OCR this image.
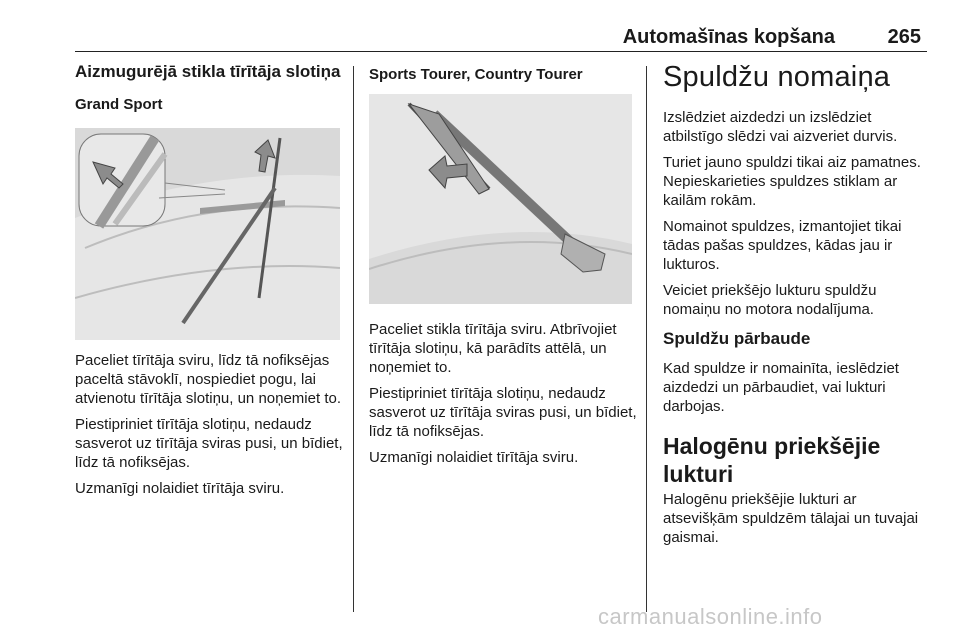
Automašīnas kopšana	265
Aizmugurējā stikla tīrītāja slotiņa
Grand Sport

Paceliet tīrītāja sviru, līdz tā nofiksējas paceltā stāvoklī, nospiediet pogu, lai atvienotu tīrītāja slotiņu, un noņemiet to.

Piestipriniet tīrītāja slotiņu, nedaudz sasverot uz tīrītāja sviras pusi, un bīdiet, līdz tā nofiksējas.

Uzmanīgi nolaidiet tīrītāja sviru.

Sports Tourer, Country Tourer

Paceliet stikla tīrītāja sviru. Atbrīvojiet tīrītāja slotiņu, kā parādīts attēlā, un noņemiet to.

Piestipriniet tīrītāja slotiņu, nedaudz sasverot uz tīrītāja sviras pusi, un bīdiet, līdz tā nofiksējas.

Uzmanīgi nolaidiet tīrītāja sviru.

Spuldžu nomaiņa

Izslēdziet aizdedzi un izslēdziet atbilstīgo slēdzi vai aizveriet durvis.

Turiet jauno spuldzi tikai aiz pamatnes. Nepieskarieties spuldzes stiklam ar kailām rokām.

Nomainot spuldzes, izmantojiet tikai tādas pašas spuldzes, kādas jau ir lukturos.

Veiciet priekšējo lukturu spuldžu nomaiņu no motora nodalījuma.

Spuldžu pārbaude

Kad spuldze ir nomainīta, ieslēdziet aizdedzi un pārbaudiet, vai lukturi darbojas.

Halogēnu priekšējie lukturi

Halogēnu priekšējie lukturi ar atsevišķām spuldzēm tālajai un tuvajai gaismai.

carmanualsonline.info
